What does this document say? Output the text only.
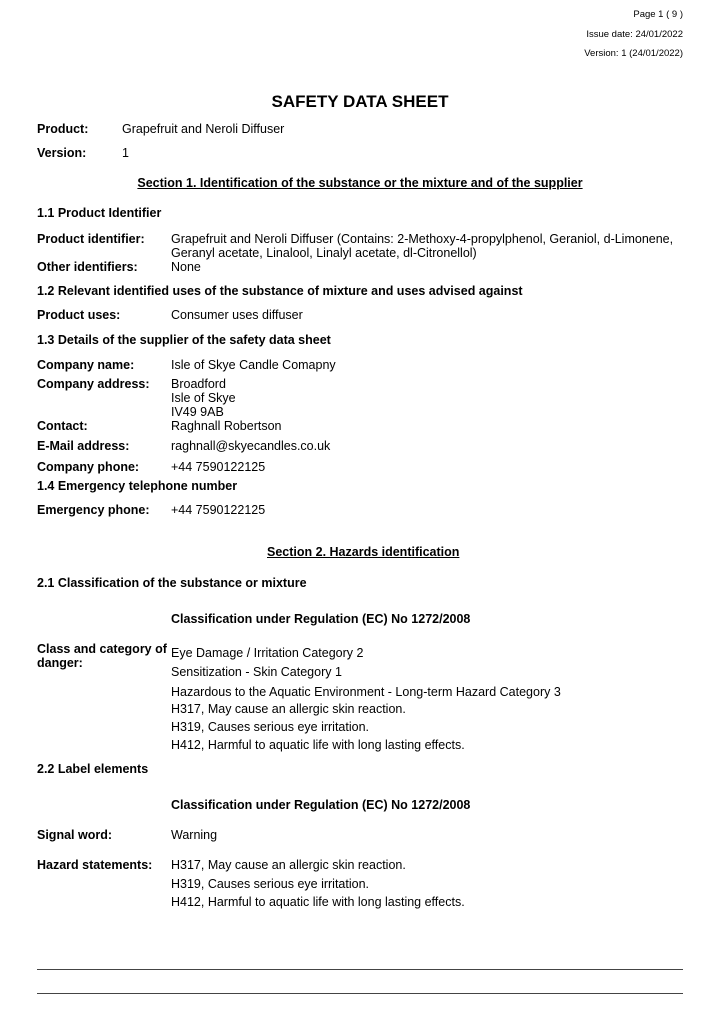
Page 1 ( 9 )
Issue date: 24/01/2022
Version: 1 (24/01/2022)
SAFETY DATA SHEET
Product:	Grapefruit and Neroli Diffuser
Version:	1
Section 1. Identification of the substance or the mixture and of the supplier
1.1 Product Identifier
Product identifier: Grapefruit and Neroli Diffuser (Contains: 2-Methoxy-4-propylphenol, Geraniol, d-Limonene,
Geranyl acetate, Linalool, Linalyl acetate, dl-Citronellol)
Other identifiers:	None
1.2 Relevant identified uses of the substance of mixture and uses advised against
Product uses:	Consumer uses diffuser
1.3 Details of the supplier of the safety data sheet
Company name:	Isle of Skye Candle Comapny
Company address: Broadford
Isle of Skye
IV49 9AB
Contact:	Raghnall Robertson
E-Mail address:	raghnall@skyecandles.co.uk
Company phone:	+44 7590122125
1.4 Emergency telephone number
Emergency phone: +44 7590122125
Section 2. Hazards identification
2.1 Classification of the substance or mixture
Classification under Regulation (EC) No 1272/2008
Class and category of
danger:
Eye Damage / Irritation Category 2
Sensitization - Skin Category 1
Hazardous to the Aquatic Environment - Long-term Hazard Category 3
H317, May cause an allergic skin reaction.
H319, Causes serious eye irritation.
H412, Harmful to aquatic life with long lasting effects.
2.2 Label elements
Classification under Regulation (EC) No 1272/2008
Signal word:	Warning
Hazard statements: H317, May cause an allergic skin reaction.
H319, Causes serious eye irritation.
H412, Harmful to aquatic life with long lasting effects.
